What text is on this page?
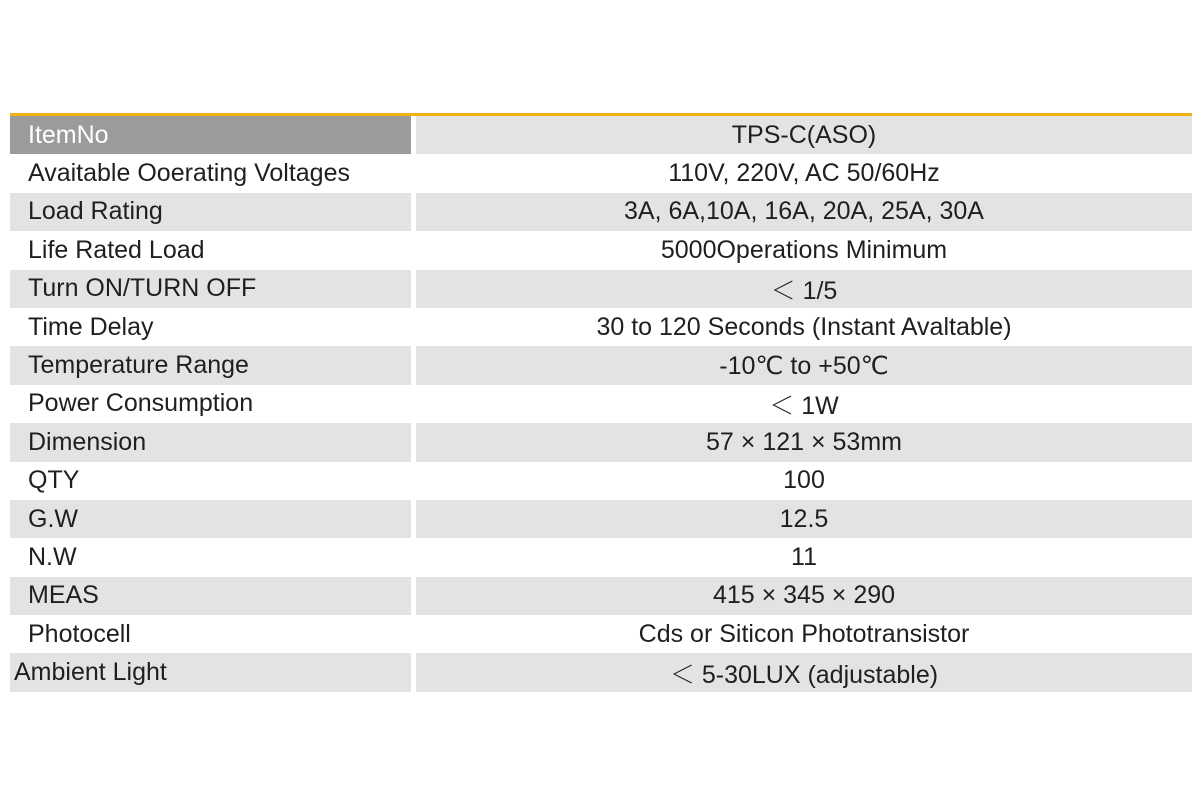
ItemNo	TPS-C(ASO)
Avaitable Ooerating Voltages	110V, 220V, AC 50/60Hz
Load Rating	3A, 6A,10A, 16A, 20A, 25A, 30A
Life Rated Load	5000Operations Minimum
Turn ON/TURN OFF	＜ 1/5
Time Delay	30 to 120 Seconds (Instant Avaltable)
Temperature Range	-10℃ to +50℃
Power Consumption	＜ 1W
Dimension	57 × 121 × 53mm
QTY	100
G.W	12.5
N.W	11
MEAS	415 × 345 × 290
Photocell	Cds or Siticon Phototransistor
Ambient Light	＜ 5-30LUX (adjustable)
